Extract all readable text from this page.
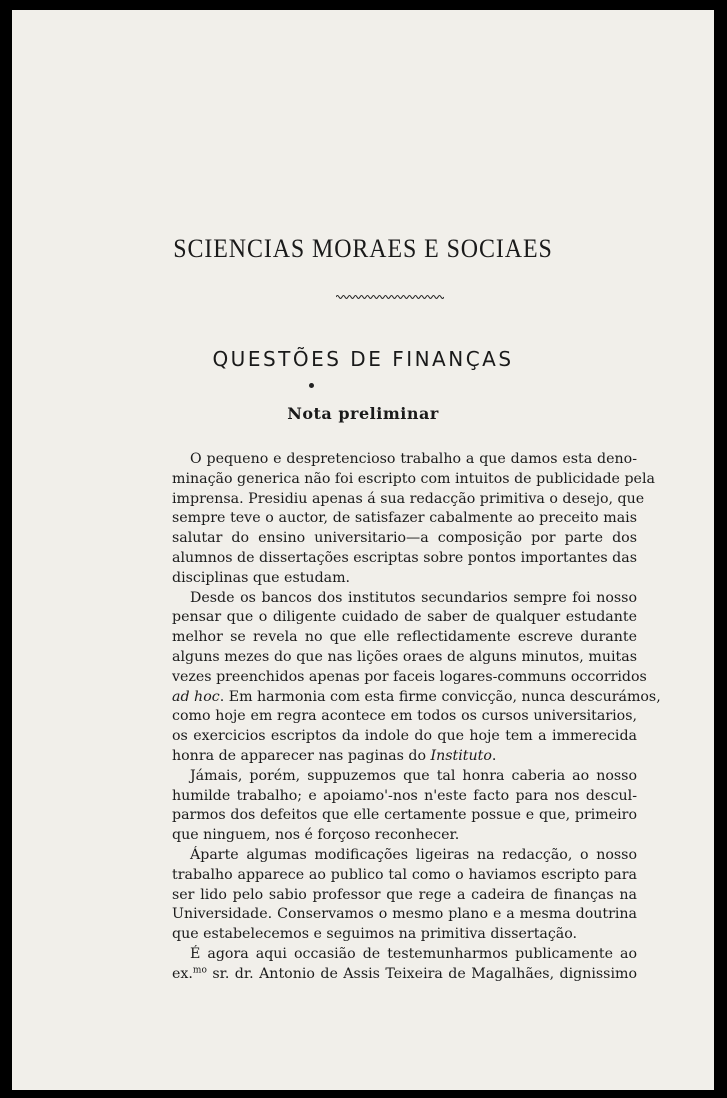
SCIENCIAS MORAES E SOCIAES
QUESTÕES DE FINANÇAS
Nota preliminar
O pequeno e despretencioso trabalho a que damos esta deno-
minação generica não foi escripto com intuitos de publicidade pela
imprensa. Presidiu apenas á sua redacção primitiva o desejo, que
sempre teve o auctor, de satisfazer cabalmente ao preceito mais
salutar do ensino universitario—a composição por parte dos
alumnos de dissertações escriptas sobre pontos importantes das
disciplinas que estudam.
Desde os bancos dos institutos secundarios sempre foi nosso
pensar que o diligente cuidado de saber de qualquer estudante
melhor se revela no que elle reflectidamente escreve durante
alguns mezes do que nas lições oraes de alguns minutos, muitas
vezes preenchidos apenas por faceis logares-communs occorridos
ad hoc. Em harmonia com esta firme convicção, nunca descurámos,
como hoje em regra acontece em todos os cursos universitarios,
os exercicios escriptos da indole do que hoje tem a immerecida
honra de apparecer nas paginas do Instituto.
Jámais, porém, suppuzemos que tal honra caberia ao nosso
humilde trabalho; e apoiamo'-nos n'este facto para nos descul-
parmos dos defeitos que elle certamente possue e que, primeiro
que ninguem, nos é forçoso reconhecer.
Áparte algumas modificações ligeiras na redacção, o nosso
trabalho apparece ao publico tal como o haviamos escripto para
ser lido pelo sabio professor que rege a cadeira de finanças na
Universidade. Conservamos o mesmo plano e a mesma doutrina
que estabelecemos e seguimos na primitiva dissertação.
É agora aqui occasião de testemunharmos publicamente ao
ex.$^{mo}$ sr. dr. Antonio de Assis Teixeira de Magalhães, dignissimo
